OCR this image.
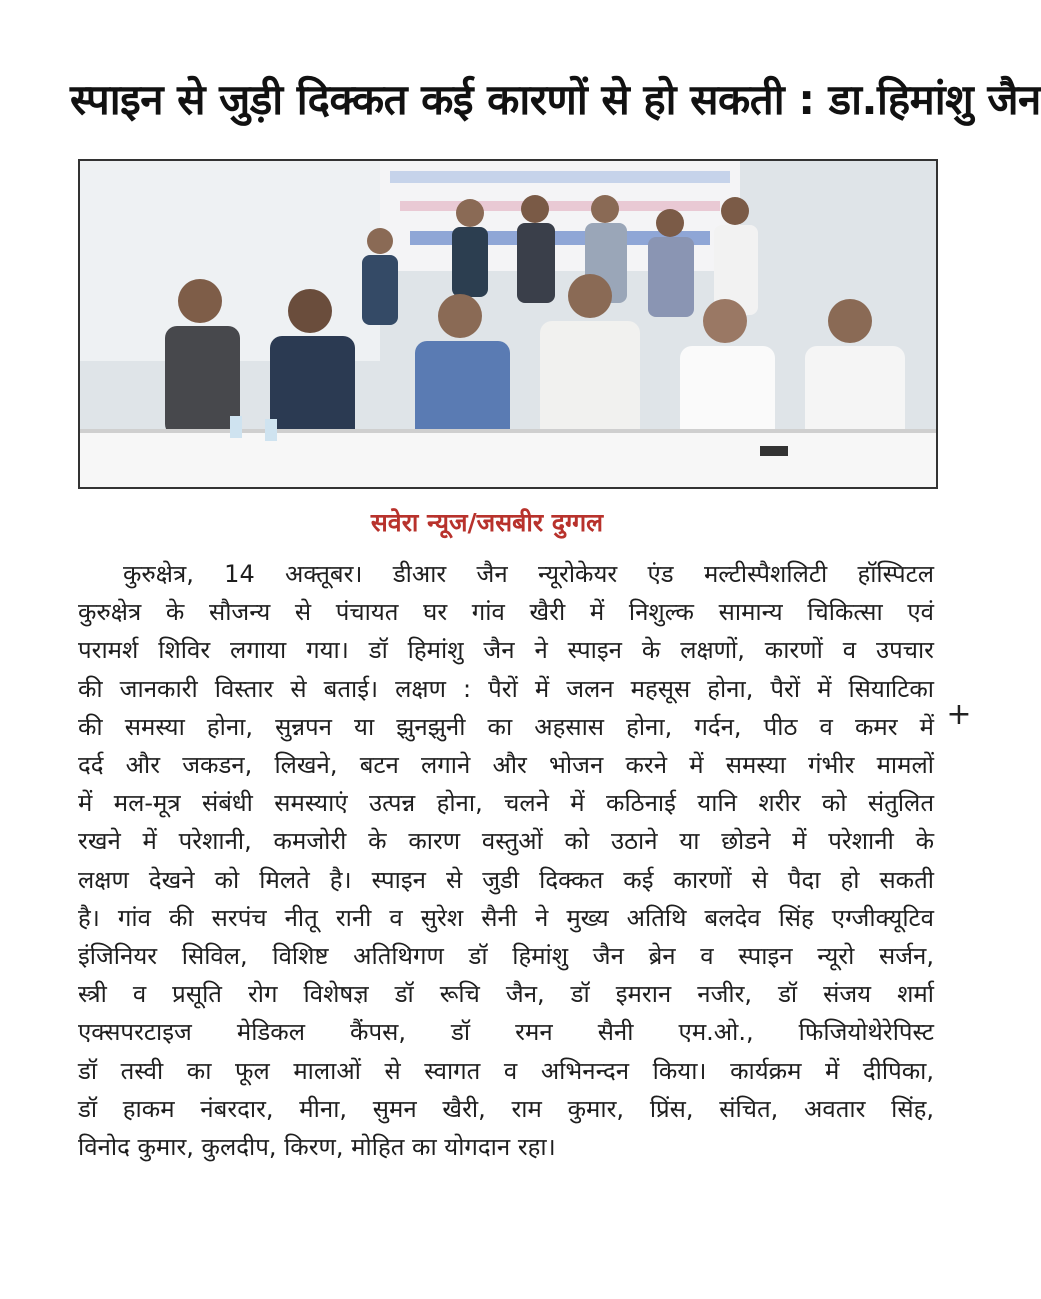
स्पाइन से जुड़ी दिक्कत कई कारणों से हो सकती : डा.हिमांशु जैन
सवेरा न्यूज/जसबीर दुग्गल
कुरुक्षेत्र, 14 अक्तूबर। डीआर जैन न्यूरोकेयर एंड मल्टीस्पैशलिटी हॉस्पिटल
कुरुक्षेत्र के सौजन्य से पंचायत घर गांव खैरी में निशुल्क सामान्य चिकित्सा एवं
परामर्श शिविर लगाया गया। डॉ हिमांशु जैन ने स्पाइन के लक्षणों, कारणों व उपचार
की जानकारी विस्तार से बताई। लक्षण : पैरों में जलन महसूस होना, पैरों में सियाटिका
की समस्या होना, सुन्नपन या झुनझुनी का अहसास होना, गर्दन, पीठ व कमर में
दर्द और जकडन, लिखने, बटन लगाने और भोजन करने में समस्या गंभीर मामलों
में मल-मूत्र संबंधी समस्याएं उत्पन्न होना, चलने में कठिनाई यानि शरीर को संतुलित
रखने में परेशानी, कमजोरी के कारण वस्तुओं को उठाने या छोडने में परेशानी के
लक्षण देखने को मिलते है। स्पाइन से जुडी दिक्कत कई कारणों से पैदा हो सकती
है। गांव की सरपंच नीतू रानी व सुरेश सैनी ने मुख्य अतिथि बलदेव सिंह एग्जीक्यूटिव
इंजिनियर सिविल, विशिष्ट अतिथिगण डॉ हिमांशु जैन ब्रेन व स्पाइन न्यूरो सर्जन,
स्त्री व प्रसूति रोग विशेषज्ञ डॉ रूचि जैन, डॉ इमरान नजीर, डॉ संजय शर्मा
एक्सपरटाइज मेडिकल कैंपस, डॉ रमन सैनी एम.ओ., फिजियोथेरेपिस्ट
डॉ तस्वी का फूल मालाओं से स्वागत व अभिनन्दन किया। कार्यक्रम में दीपिका,
डॉ हाकम नंबरदार, मीना, सुमन खैरी, राम कुमार, प्रिंस, संचित, अवतार सिंह,
विनोद कुमार, कुलदीप, किरण, मोहित का योगदान रहा।
+
